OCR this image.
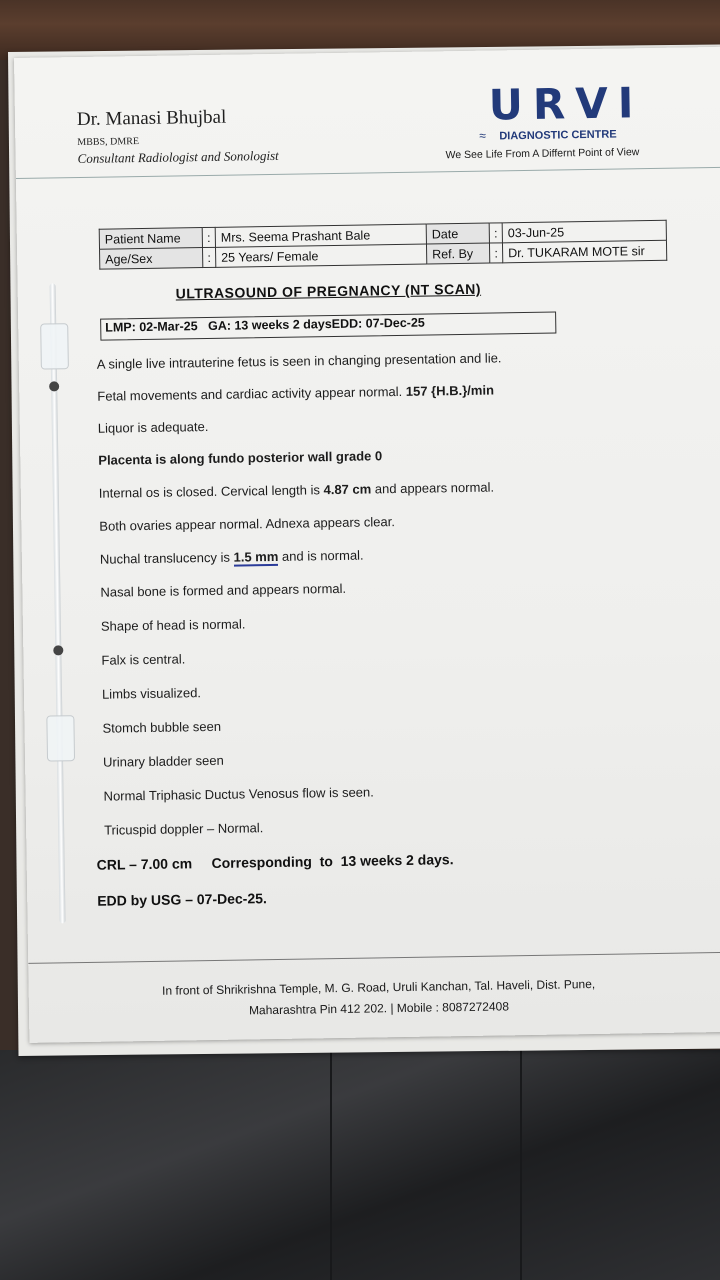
Dr. Manasi Bhujbal
MBBS, DMRE
Consultant Radiologist and Sonologist
URVI
≈ DIAGNOSTIC CENTRE
We See Life From A Differnt Point of View
Patient Name	:	Mrs. Seema Prashant Bale	Date	:	03-Jun-25
Age/Sex	:	25 Years/ Female	Ref. By	:	Dr. TUKARAM MOTE sir
ULTRASOUND OF PREGNANCY (NT SCAN)
LMP: 02-Mar-25   GA: 13 weeks 2 daysEDD: 07-Dec-25
A single live intrauterine fetus is seen in changing presentation and lie.
Fetal movements and cardiac activity appear normal. 157 {H.B.}/min
Liquor is adequate.
Placenta is along fundo posterior wall grade 0
Internal os is closed. Cervical length is 4.87 cm and appears normal.
Both ovaries appear normal. Adnexa appears clear.
Nuchal translucency is 1.5 mm and is normal.
Nasal bone is formed and appears normal.
Shape of head is normal.
Falx is central.
Limbs visualized.
Stomch bubble seen
Urinary bladder seen
Normal Triphasic Ductus Venosus flow is seen.
Tricuspid doppler – Normal.
CRL – 7.00 cm     Corresponding  to  13 weeks 2 days.
EDD by USG – 07-Dec-25.
In front of Shrikrishna Temple, M. G. Road, Uruli Kanchan, Tal. Haveli, Dist. Pune,
Maharashtra Pin 412 202. | Mobile : 8087272408
